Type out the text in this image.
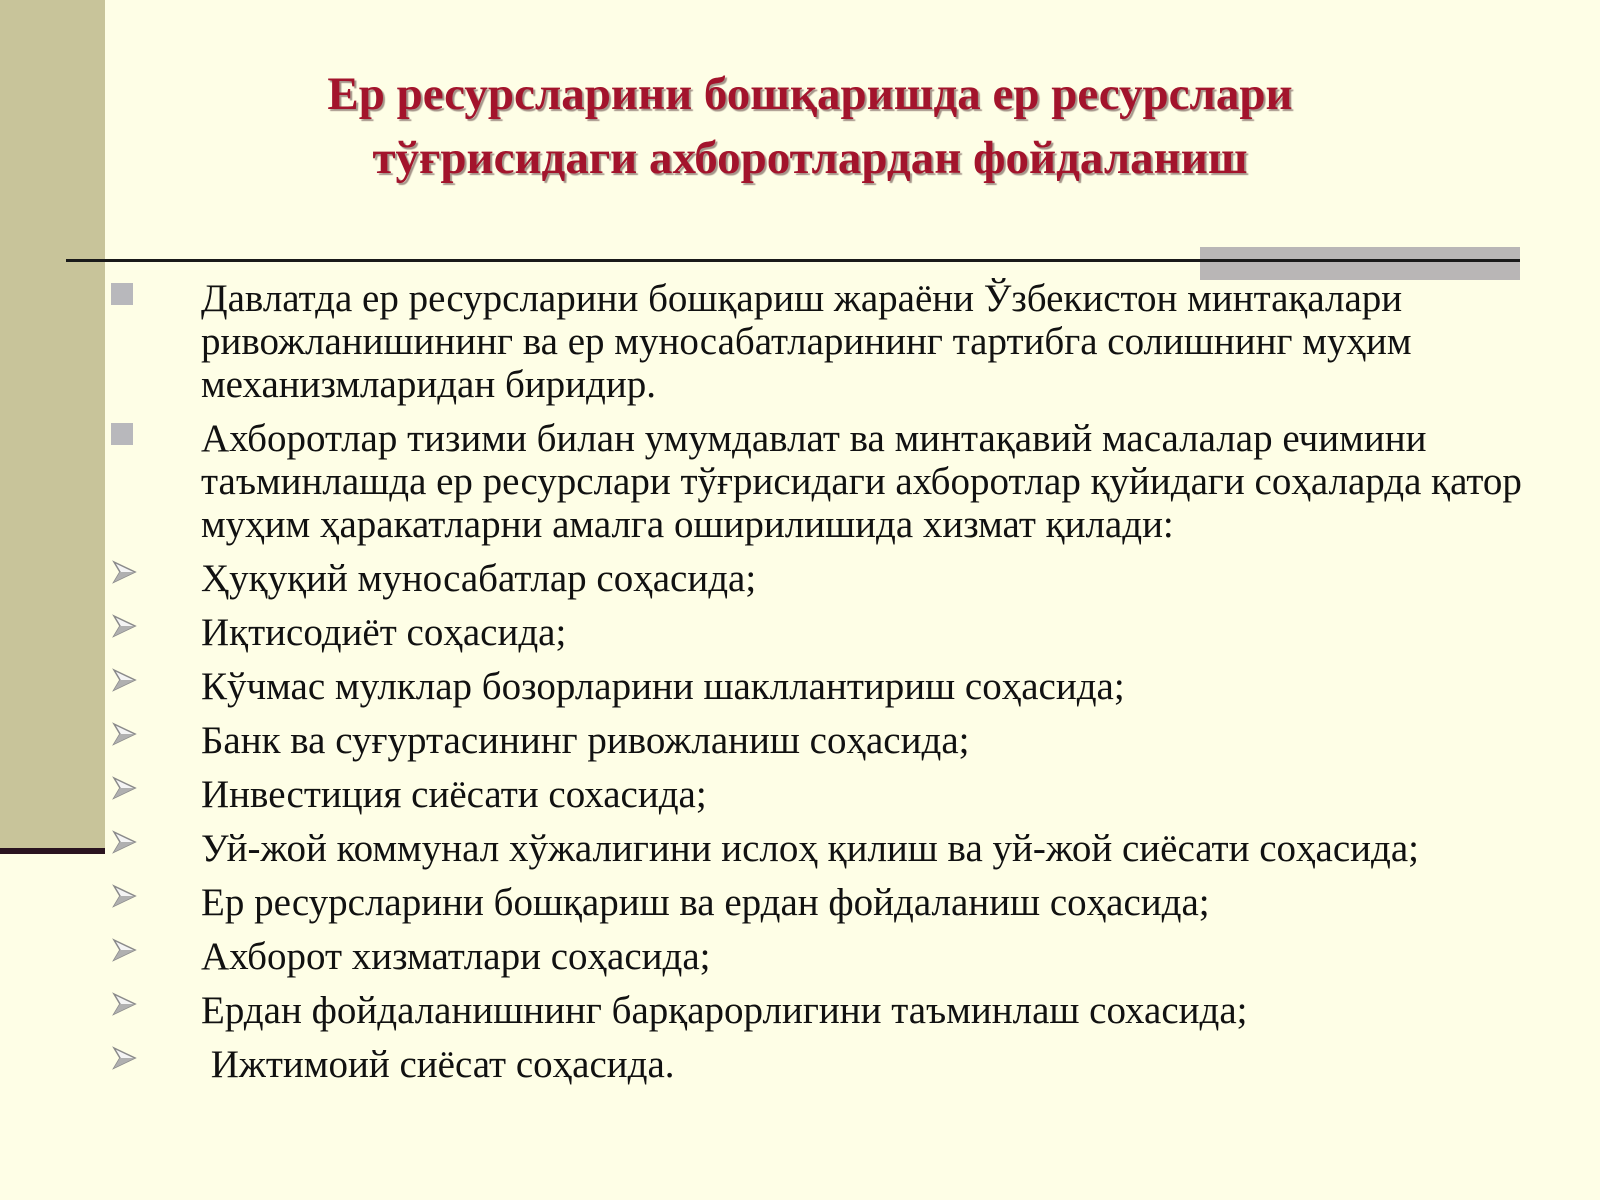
Ер ресурсларини бошқаришда ер ресурслари
тўғрисидаги ахборотлардан фойдаланиш
Давлатда ер ресурсларини бошқариш жараёни Ўзбекистон минтақалари ривожланишининг ва ер муносабатларининг тартибга солишнинг муҳим механизмларидан биридир.
Ахборотлар тизими билан умумдавлат ва минтақавий масалалар ечимини таъминлашда ер ресурслари тўғрисидаги ахборотлар қуйидаги соҳаларда қатор муҳим ҳаракатларни амалга оширилишида хизмат қилади:
Ҳуқуқий муносабатлар соҳасида;
Иқтисодиёт соҳасида;
Кўчмас мулклар бозорларини шакллантириш соҳасида;
Банк ва суғуртасининг ривожланиш соҳасида;
Инвестиция сиёсати сохасида;
Уй-жой коммунал хўжалигини ислоҳ қилиш ва уй-жой сиёсати соҳасида;
Ер ресурсларини бошқариш ва ердан фойдаланиш соҳасида;
Ахборот хизматлари соҳасида;
Ердан фойдаланишнинг барқарорлигини таъминлаш сохасида;
Ижтимоий сиёсат соҳасида.
